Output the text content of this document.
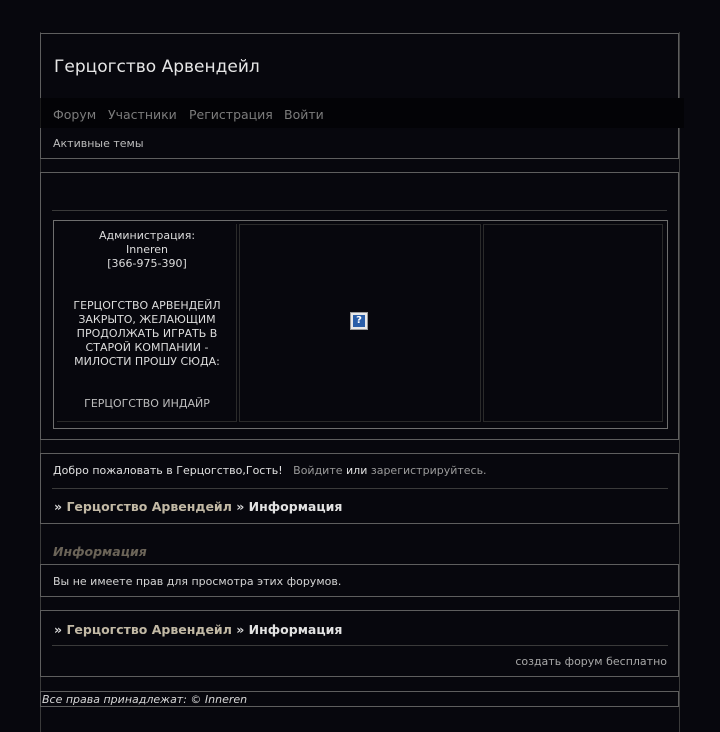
Герцогство Арвендейл
Форум Участники Регистрация Войти
Активные темы
Администрация:
Inneren
[366-975-390]
ГЕРЦОГСТВО АРВЕНДЕЙЛ
ЗАКРЫТО, ЖЕЛАЮЩИМ
ПРОДОЛЖАТЬ ИГРАТЬ В
СТАРОЙ КОМПАНИИ -
МИЛОСТИ ПРОШУ СЮДА:
ГЕРЦОГСТВО ИНДАЙР
?
Добро пожаловать в Герцогство,Гость! Войдите или зарегистрируйтесь.
» Герцогство Арвендейл » Информация
Информация
Вы не имеете прав для просмотра этих форумов.
» Герцогство Арвендейл » Информация
создать форум бесплатно
Все права принадлежат: © Inneren
